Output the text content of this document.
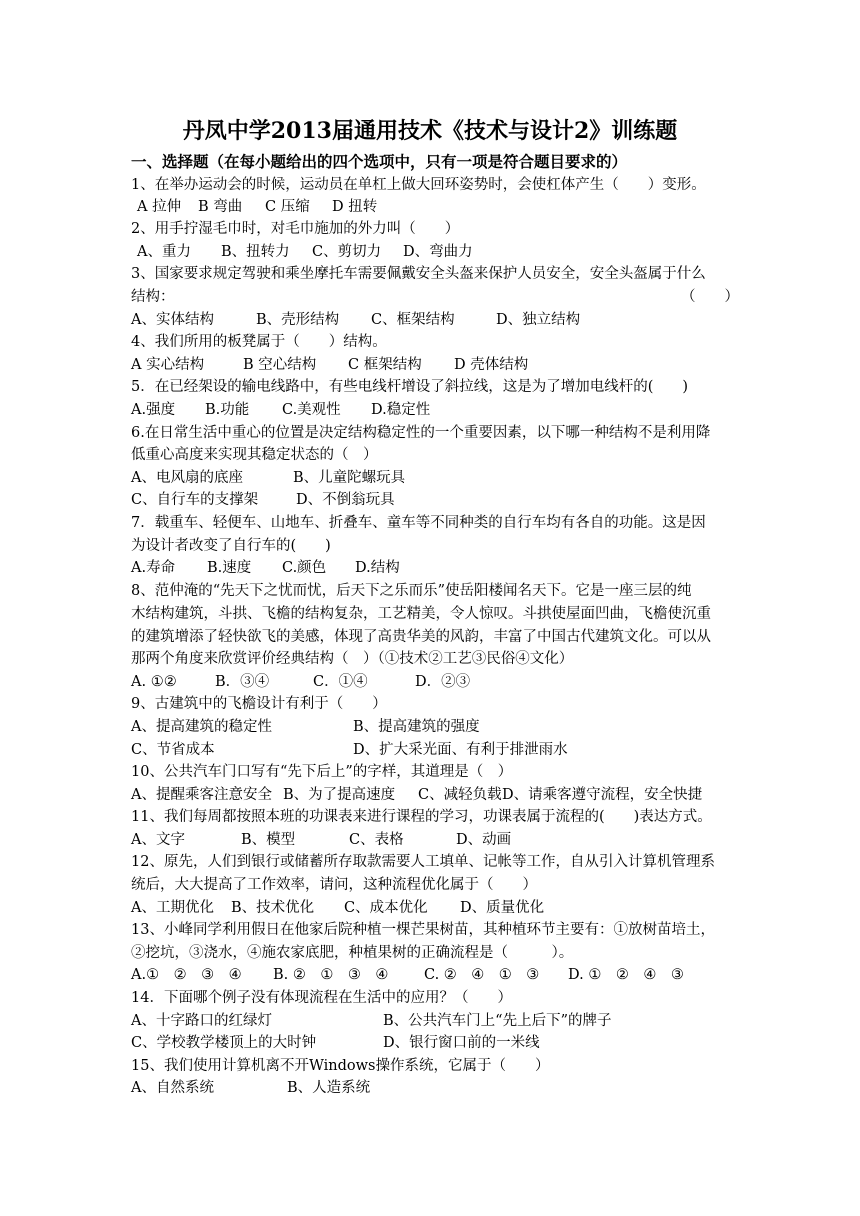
丹凤中学2013届通用技术《技术与设计2》训练题
一、选择题（在每小题给出的四个选项中，只有一项是符合题目要求的）
1、在举办运动会的时候，运动员在单杠上做大回环姿势时，会使杠体产生（　　）变形。
A 拉伸 B 弯曲 C 压缩 D 扭转
2、用手拧湿毛巾时，对毛巾施加的外力叫（　　）
A、重力 B、扭转力 C、剪切力 D、弯曲力
3、国家要求规定驾驶和乘坐摩托车需要佩戴安全头盔来保护人员安全，安全头盔属于什么
结构：	（　　）
A、实体结构	B、壳形结构 C、框架结构	D、独立结构
4、我们所用的板凳属于（　　）结构。
A 实心结构	B 空心结构 C 框架结构 D 壳体结构
5．在已经架设的输电线路中，有些电线杆增设了斜拉线，这是为了增加电线杆的(　　)
A.强度 B.功能 C.美观性 D.稳定性
6.在日常生活中重心的位置是决定结构稳定性的一个重要因素，以下哪一种结构不是利用降
低重心高度来实现其稳定状态的（　）
A、电风扇的底座	B、儿童陀螺玩具
C、自行车的支撑架	D、不倒翁玩具
7．载重车、轻便车、山地车、折叠车、童车等不同种类的自行车均有各自的功能。这是因
为设计者改变了自行车的(　　)
A.寿命 B.速度 C.颜色 D.结构
8、范仲淹的“先天下之忧而忧，后天下之乐而乐”使岳阳楼闻名天下。它是一座三层的纯
木结构建筑，斗拱、飞檐的结构复杂，工艺精美，令人惊叹。斗拱使屋面凹曲，飞檐使沉重
的建筑增添了轻快欲飞的美感，体现了高贵华美的风韵，丰富了中国古代建筑文化。可以从
那两个角度来欣赏评价经典结构（　）（①技术②工艺③民俗④文化）
A. ①②	B．③④	C．①④	D．②③
9、古建筑中的飞檐设计有利于（　　）
A、提高建筑的稳定性	B、提高建筑的强度
C、节省成本	D、扩大采光面、有利于排泄雨水
10、公共汽车门口写有“先下后上”的字样，其道理是（　）
A、提醒乘客注意安全 B、为了提高速度 C、减轻负载 D、请乘客遵守流程，安全快捷
11、我们每周都按照本班的功课表来进行课程的学习，功课表属于流程的(　　)表达方式。
A、文字	B、模型	C、表格	D、动画
12、原先，人们到银行或储蓄所存取款需要人工填单、记帐等工作，自从引入计算机管理系
统后，大大提高了工作效率，请问，这种流程优化属于（　　）
A、工期优化 B、技术优化 C、成本优化 D、质量优化
13、小峰同学利用假日在他家后院种植一棵芒果树苗，其种植环节主要有：①放树苗培土，
②挖坑，③浇水，④施农家底肥，种植果树的正确流程是（　　　）。
A.①　②　③　④ B. ②　①　③　④ C. ②　④　①　③ D. ①　②　④　③
14．下面哪个例子没有体现流程在生活中的应用？（　　）
A、十字路口的红绿灯	B、公共汽车门上“先上后下”的牌子
C、学校教学楼顶上的大时钟	D、银行窗口前的一米线
15、我们使用计算机离不开Windows操作系统，它属于（　　）
A、自然系统	B、人造系统
